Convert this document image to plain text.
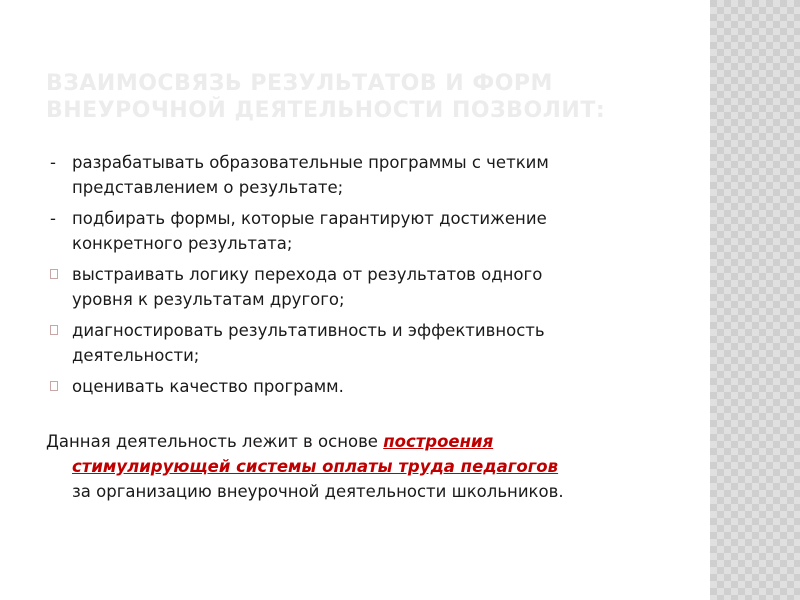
ВЗАИМОСВЯЗЬ РЕЗУЛЬТАТОВ И ФОРМ
ВНЕУРОЧНОЙ ДЕЯТЕЛЬНОСТИ ПОЗВОЛИТ:
- разрабатывать образовательные программы с четким
представлением о результате;
- подбирать формы, которые гарантируют достижение
конкретного результата;
выстраивать логику перехода от результатов одного
уровня к результатам другого;
диагностировать результативность и эффективность
деятельности;
оценивать качество программ.
Данная деятельность лежит в основе построения
стимулирующей системы оплаты труда педагогов
за организацию внеурочной деятельности школьников.
